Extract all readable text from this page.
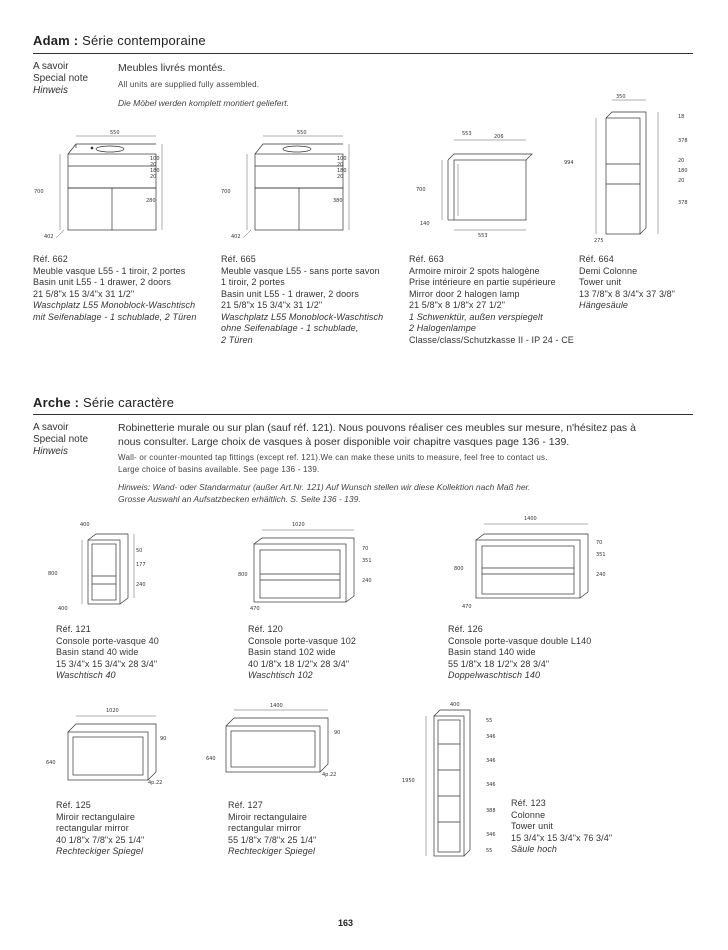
Adam : Série contemporaine
A savoir
Special note
Hinweis
Meubles livrés montés.
All units are supplied fully assembled.
Die Möbel werden komplett montiert geliefert.
550
100
20
180
20
280
700
402
550
100
20
180
20
380
700
402
553	206
700
140
553
350
18
378
994	20
180
20
378
275
Réf. 662
Meuble vasque L55 - 1 tiroir, 2 portes
Basin unit L55 - 1 drawer, 2 doors
21 5/8"x 15 3/4"x 31 1/2"
Waschplatz L55 Monoblock-Waschtisch
mit Seifenablage - 1 schublade, 2 Türen
Réf. 665
Meuble vasque L55 - sans porte savon
1 tiroir, 2 portes
Basin unit L55 - 1 drawer, 2 doors
21 5/8"x 15 3/4"x 31 1/2"
Waschplatz L55 Monoblock-Waschtisch
ohne Seifenablage - 1 schublade,
2 Türen
Réf. 663
Armoire miroir 2 spots halogène
Prise intérieure en partie supérieure
Mirror door 2 halogen lamp
21 5/8"x 8 1/8"x 27 1/2"
1 Schwenktür, außen verspiegelt
2 Halogenlampe
Classe/class/Schutzkasse II - IP 24 - CE
Réf. 664
Demi Colonne
Tower unit
13 7/8"x 8 3/4"x 37 3/8"
Hängesäule
Arche : Série caractère
A savoir
Special note
Hinweis
Robinetterie murale ou sur plan (sauf réf. 121). Nous pouvons réaliser ces meubles sur mesure, n'hésitez pas à
nous consulter. Large choix de vasques à poser disponible voir chapitre vasques page 136 - 139.
Wall- or counter-mounted tap fittings (except ref. 121).We can make these units to measure, feel free to contact us.
Large choice of basins available. See page 136 - 139.
Hinweis: Wand- oder Standarmatur (außer Art.Nr. 121) Auf Wunsch stellen wir diese Kollektion nach Maß her.
Grosse Auswahl an Aufsatzbecken erhältlich. S. Seite 136 - 139.
400
50
177
240
800
400
1020
70
351
240
800
470
1400
70
351
240
800
470
Réf. 121
Console porte-vasque 40
Basin stand 40 wide
15 3/4"x 15 3/4"x 28 3/4"
Waschtisch 40
Réf. 120
Console porte-vasque 102
Basin stand 102 wide
40 1/8"x 18 1/2"x 28 3/4"
Waschtisch 102
Réf. 126
Console porte-vasque double L140
Basin stand 140 wide
55 1/8"x 18 1/2"x 28 3/4"
Doppelwaschtisch 140
1020
90
640
4p.22
1400
90
640
4p.22
400
55
346
346
1950
346
388
346
55
Réf. 125
Miroir rectangulaire
rectangular mirror
40 1/8"x 7/8"x 25 1/4"
Rechteckiger Spiegel
Réf. 127
Miroir rectangulaire
rectangular mirror
55 1/8"x 7/8"x 25 1/4"
Rechteckiger Spiegel
Réf. 123
Colonne
Tower unit
15 3/4"x 15 3/4"x 76 3/4"
Säule hoch
163
